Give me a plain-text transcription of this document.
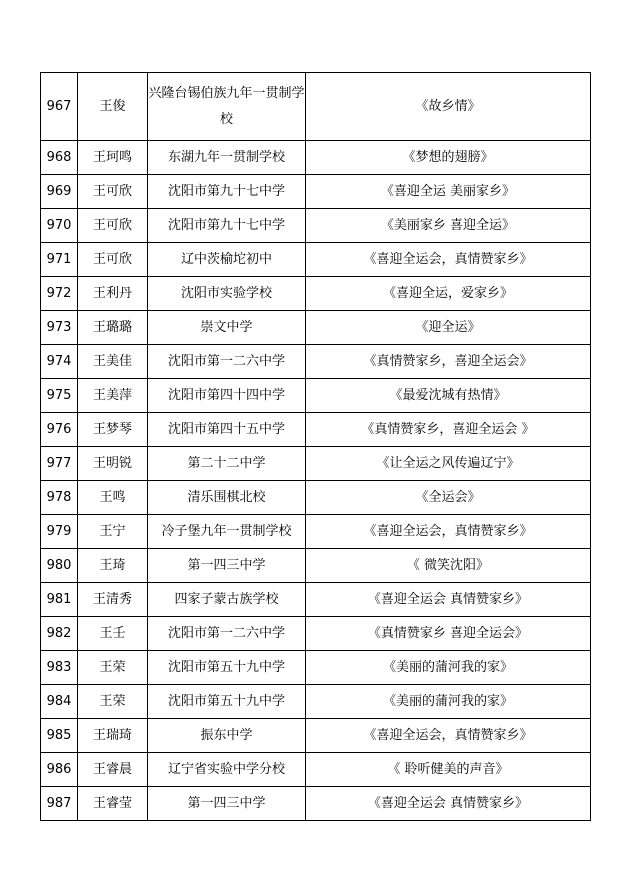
967	王俊	兴隆台锡伯族九年一贯制学校	《故乡情》
968	王珂鸣	东湖九年一贯制学校	《梦想的翅膀》
969	王可欣	沈阳市第九十七中学	《喜迎全运 美丽家乡》
970	王可欣	沈阳市第九十七中学	《美丽家乡 喜迎全运》
971	王可欣	辽中茨榆坨初中	《喜迎全运会，真情赞家乡》
972	王利丹	沈阳市实验学校	《喜迎全运，爱家乡》
973	王璐璐	崇文中学	《迎全运》
974	王美佳	沈阳市第一二六中学	《真情赞家乡，喜迎全运会》
975	王美萍	沈阳市第四十四中学	《最爱沈城有热情》
976	王梦琴	沈阳市第四十五中学	《真情赞家乡，喜迎全运会 》
977	王明锐	第二十二中学	《让全运之风传遍辽宁》
978	王鸣	清乐围棋北校	《全运会》
979	王宁	冷子堡九年一贯制学校	《喜迎全运会，真情赞家乡》
980	王琦	第一四三中学	《 微笑沈阳》
981	王清秀	四家子蒙古族学校	《喜迎全运会 真情赞家乡》
982	王壬	沈阳市第一二六中学	《真情赞家乡 喜迎全运会》
983	王荣	沈阳市第五十九中学	《美丽的蒲河我的家》
984	王荣	沈阳市第五十九中学	《美丽的蒲河我的家》
985	王瑞琦	振东中学	《喜迎全运会，真情赞家乡》
986	王睿晨	辽宁省实验中学分校	《 聆听健美的声音》
987	王睿莹	第一四三中学	《喜迎全运会 真情赞家乡》
